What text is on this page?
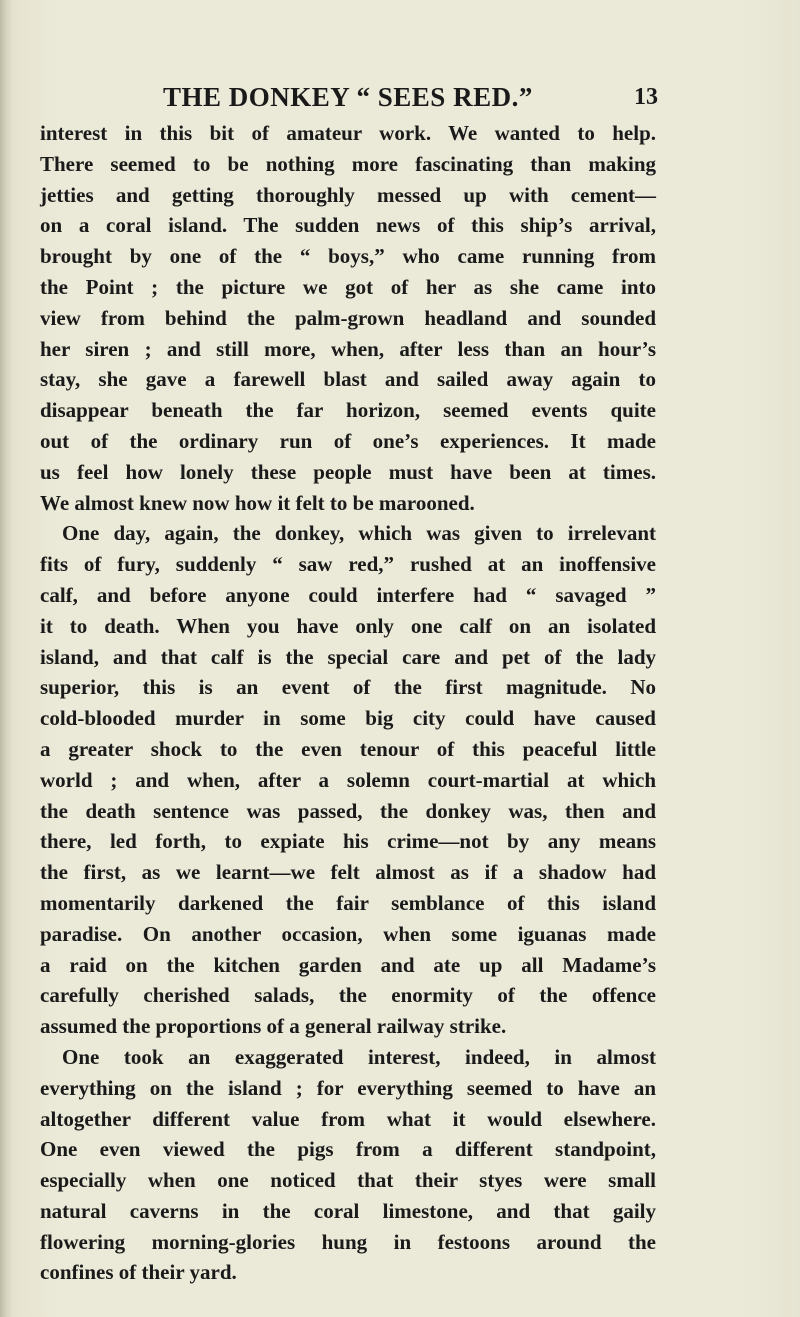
THE DONKEY “ SEES RED.”	13
interest in this bit of amateur work. We wanted to help.
There seemed to be nothing more fascinating than making
jetties and getting thoroughly messed up with cement—
on a coral island. The sudden news of this ship’s arrival,
brought by one of the “ boys,” who came running from
the Point ; the picture we got of her as she came into
view from behind the palm-grown headland and sounded
her siren ; and still more, when, after less than an hour’s
stay, she gave a farewell blast and sailed away again to
disappear beneath the far horizon, seemed events quite
out of the ordinary run of one’s experiences. It made
us feel how lonely these people must have been at times.
We almost knew now how it felt to be marooned.
One day, again, the donkey, which was given to irrelevant
fits of fury, suddenly “ saw red,” rushed at an inoffensive
calf, and before anyone could interfere had “ savaged ”
it to death. When you have only one calf on an isolated
island, and that calf is the special care and pet of the lady
superior, this is an event of the first magnitude. No
cold-blooded murder in some big city could have caused
a greater shock to the even tenour of this peaceful little
world ; and when, after a solemn court-martial at which
the death sentence was passed, the donkey was, then and
there, led forth, to expiate his crime—not by any means
the first, as we learnt—we felt almost as if a shadow had
momentarily darkened the fair semblance of this island
paradise. On another occasion, when some iguanas made
a raid on the kitchen garden and ate up all Madame’s
carefully cherished salads, the enormity of the offence
assumed the proportions of a general railway strike.
One took an exaggerated interest, indeed, in almost
everything on the island ; for everything seemed to have an
altogether different value from what it would elsewhere.
One even viewed the pigs from a different standpoint,
especially when one noticed that their styes were small
natural caverns in the coral limestone, and that gaily
flowering morning-glories hung in festoons around the
confines of their yard.
